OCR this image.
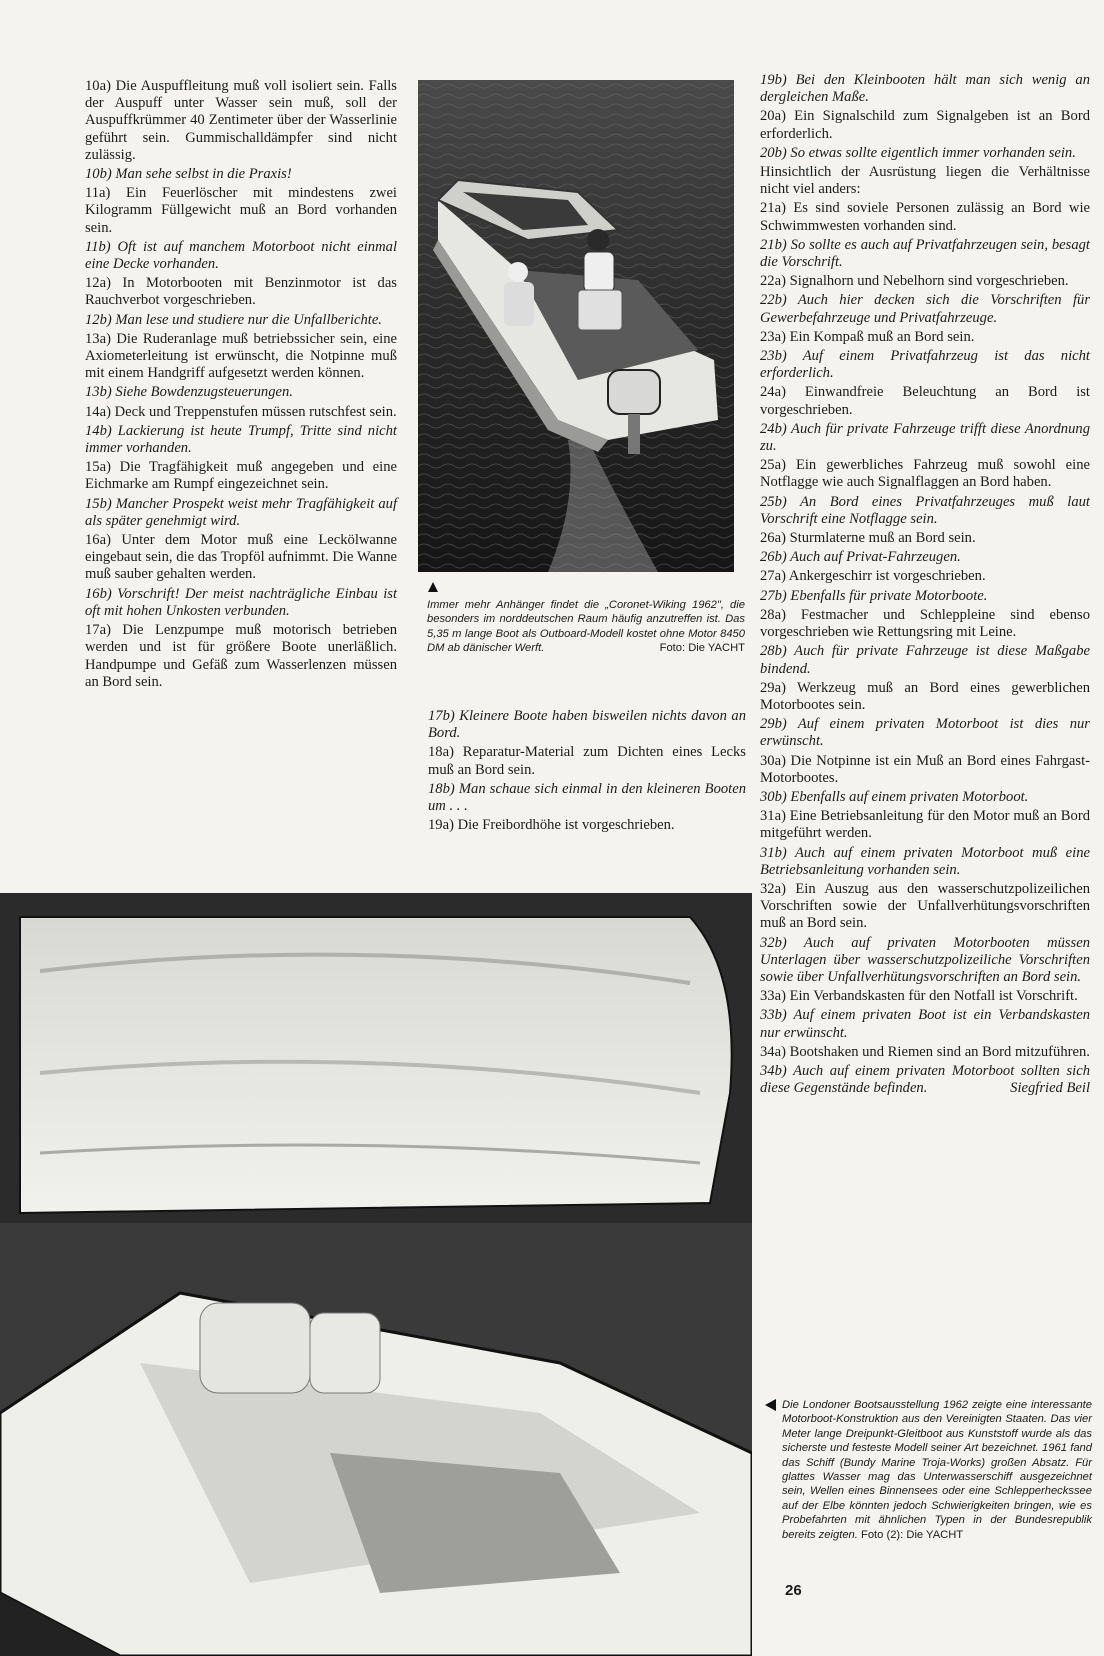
10a) Die Auspuffleitung muß voll isoliert sein. Falls der Auspuff unter Wasser sein muß, soll der Auspuffkrümmer 40 Zentimeter über der Wasserlinie geführt sein. Gummischalldämpfer sind nicht zulässig.

10b) Man sehe selbst in die Praxis!

11a) Ein Feuerlöscher mit mindestens zwei Kilogramm Füllgewicht muß an Bord vorhanden sein.

11b) Oft ist auf manchem Motorboot nicht einmal eine Decke vorhanden.

12a) In Motorbooten mit Benzinmotor ist das Rauchverbot vorgeschrieben.

12b) Man lese und studiere nur die Unfallberichte.

13a) Die Ruderanlage muß betriebssicher sein, eine Axiometerleitung ist erwünscht, die Notpinne muß mit einem Handgriff aufgesetzt werden können.

13b) Siehe Bowdenzugsteuerungen.

14a) Deck und Treppenstufen müssen rutschfest sein.

14b) Lackierung ist heute Trumpf, Tritte sind nicht immer vorhanden.

15a) Die Tragfähigkeit muß angegeben und eine Eichmarke am Rumpf eingezeichnet sein.

15b) Mancher Prospekt weist mehr Tragfähigkeit auf als später genehmigt wird.

16a) Unter dem Motor muß eine Leckölwanne eingebaut sein, die das Tropföl aufnimmt. Die Wanne muß sauber gehalten werden.

16b) Vorschrift! Der meist nachträgliche Einbau ist oft mit hohen Unkosten verbunden.

17a) Die Lenzpumpe muß motorisch betrieben werden und ist für größere Boote unerläßlich. Handpumpe und Gefäß zum Wasserlenzen müssen an Bord sein.

Immer mehr Anhänger findet die „Coronet-Wiking 1962", die besonders im norddeutschen Raum häufig anzutreffen ist. Das 5,35 m lange Boot als Outboard-Modell kostet ohne Motor 8450 DM ab dänischer Werft.	Foto: Die YACHT

17b) Kleinere Boote haben bisweilen nichts davon an Bord.

18a) Reparatur-Material zum Dichten eines Lecks muß an Bord sein.

18b) Man schaue sich einmal in den kleineren Booten um . . .

19a) Die Freibordhöhe ist vorgeschrieben.

19b) Bei den Kleinbooten hält man sich wenig an dergleichen Maße.

20a) Ein Signalschild zum Signalgeben ist an Bord erforderlich.

20b) So etwas sollte eigentlich immer vorhanden sein.

Hinsichtlich der Ausrüstung liegen die Verhältnisse nicht viel anders:

21a) Es sind soviele Personen zulässig an Bord wie Schwimmwesten vorhanden sind.

21b) So sollte es auch auf Privatfahrzeugen sein, besagt die Vorschrift.

22a) Signalhorn und Nebelhorn sind vorgeschrieben.

22b) Auch hier decken sich die Vorschriften für Gewerbefahrzeuge und Privatfahrzeuge.

23a) Ein Kompaß muß an Bord sein.

23b) Auf einem Privatfahrzeug ist das nicht erforderlich.

24a) Einwandfreie Beleuchtung an Bord ist vorgeschrieben.

24b) Auch für private Fahrzeuge trifft diese Anordnung zu.

25a) Ein gewerbliches Fahrzeug muß sowohl eine Notflagge wie auch Signalflaggen an Bord haben.

25b) An Bord eines Privatfahrzeuges muß laut Vorschrift eine Notflagge sein.

26a) Sturmlaterne muß an Bord sein.

26b) Auch auf Privat-Fahrzeugen.

27a) Ankergeschirr ist vorgeschrieben.

27b) Ebenfalls für private Motorboote.

28a) Festmacher und Schleppleine sind ebenso vorgeschrieben wie Rettungsring mit Leine.

28b) Auch für private Fahrzeuge ist diese Maßgabe bindend.

29a) Werkzeug muß an Bord eines gewerblichen Motorbootes sein.

29b) Auf einem privaten Motorboot ist dies nur erwünscht.

30a) Die Notpinne ist ein Muß an Bord eines Fahrgast-Motorbootes.

30b) Ebenfalls auf einem privaten Motorboot.

31a) Eine Betriebsanleitung für den Motor muß an Bord mitgeführt werden.

31b) Auch auf einem privaten Motorboot muß eine Betriebsanleitung vorhanden sein.

32a) Ein Auszug aus den wasserschutzpolizeilichen Vorschriften sowie der Unfallverhütungsvorschriften muß an Bord sein.

32b) Auch auf privaten Motorbooten müssen Unterlagen über wasserschutzpolizeiliche Vorschriften sowie über Unfallverhütungsvorschriften an Bord sein.

33a) Ein Verbandskasten für den Notfall ist Vorschrift.

33b) Auf einem privaten Boot ist ein Verbandskasten nur erwünscht.

34a) Bootshaken und Riemen sind an Bord mitzuführen.

34b) Auch auf einem privaten Motorboot sollten sich diese Gegenstände befinden.	Siegfried Beil

Die Londoner Bootsausstellung 1962 zeigte eine interessante Motorboot-Konstruktion aus den Vereinigten Staaten. Das vier Meter lange Dreipunkt-Gleitboot aus Kunststoff wurde als das sicherste und festeste Modell seiner Art bezeichnet. 1961 fand das Schiff (Bundy Marine Troja-Works) großen Absatz. Für glattes Wasser mag das Unterwasserschiff ausgezeichnet sein, Wellen eines Binnensees oder eine Schlepperheckssee auf der Elbe könnten jedoch Schwierigkeiten bringen, wie es Probefahrten mit ähnlichen Typen in der Bundesrepublik bereits zeigten. Foto (2): Die YACHT
26
